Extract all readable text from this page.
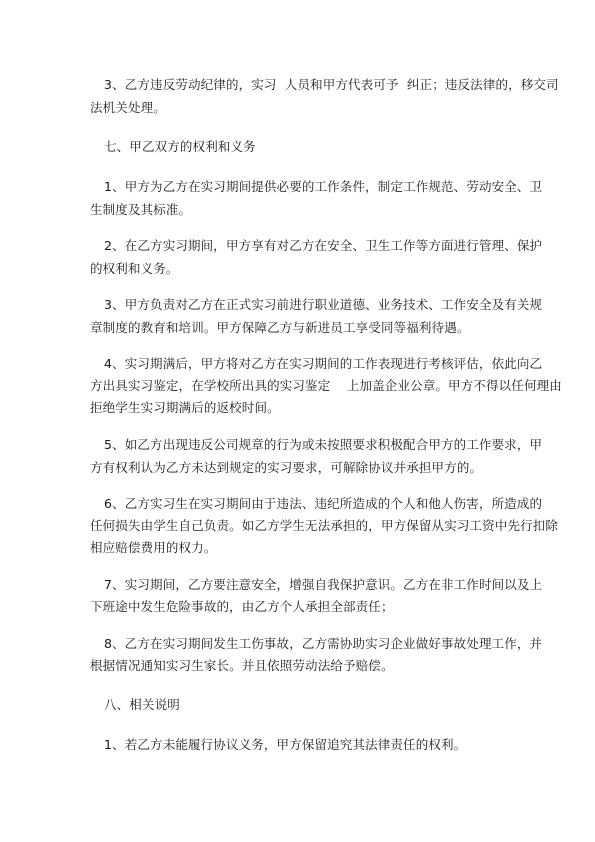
3、乙方违反劳动纪律的，实习  人员和甲方代表可予  纠正；违反法律的，移交司
法机关处理。
七、甲乙双方的权利和义务
1、甲方为乙方在实习期间提供必要的工作条件，制定工作规范、劳动安全、卫
生制度及其标准。
2、在乙方实习期间，甲方享有对乙方在安全、卫生工作等方面进行管理、保护
的权利和义务。
3、甲方负责对乙方在正式实习前进行职业道德、业务技术、工作安全及有关规
章制度的教育和培训。甲方保障乙方与新进员工享受同等福利待遇。
4、实习期满后，甲方将对乙方在实习期间的工作表现进行考核评估，依此向乙
方出具实习鉴定，在学校所出具的实习鉴定    上加盖企业公章。甲方不得以任何理由
拒绝学生实习期满后的返校时间。
5、如乙方出现违反公司规章的行为或未按照要求积极配合甲方的工作要求，甲
方有权利认为乙方未达到规定的实习要求，可解除协议并承担甲方的。
6、乙方实习生在实习期间由于违法、违纪所造成的个人和他人伤害，所造成的
任何损失由学生自己负责。如乙方学生无法承担的，甲方保留从实习工资中先行扣除
相应赔偿费用的权力。
7、实习期间，乙方要注意安全，增强自我保护意识。乙方在非工作时间以及上
下班途中发生危险事故的，由乙方个人承担全部责任；
8、乙方在实习期间发生工伤事故，乙方需协助实习企业做好事故处理工作，并
根据情况通知实习生家长。并且依照劳动法给予赔偿。
八、相关说明
1、若乙方未能履行协议义务，甲方保留追究其法律责任的权利。
